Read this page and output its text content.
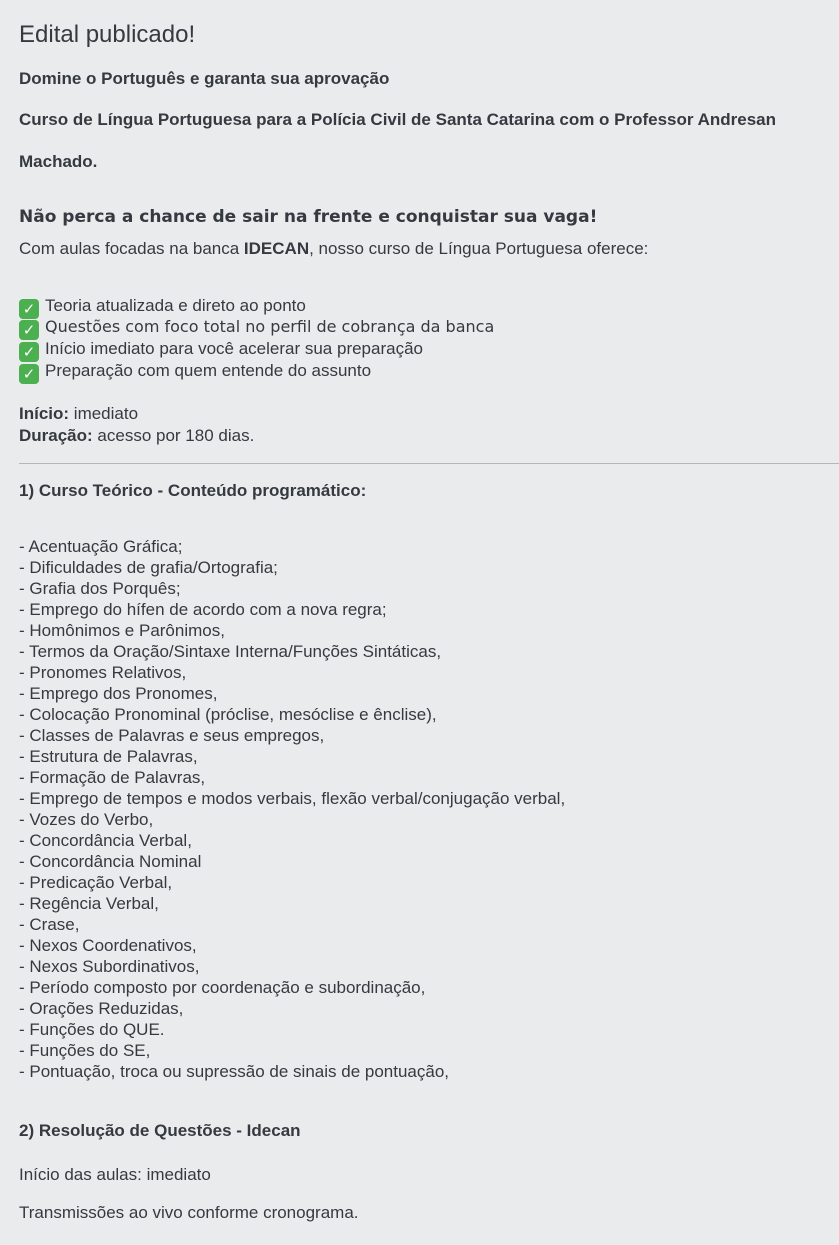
Edital publicado!
Domine o Português e garanta sua aprovação
Curso de Língua Portuguesa para a Polícia Civil de Santa Catarina com o Professor Andresan
Machado.
Não perca a chance de sair na frente e conquistar sua vaga!
Com aulas focadas na banca IDECAN, nosso curso de Língua Portuguesa oferece:
✓ Teoria atualizada e direto ao ponto
✓ Questões com foco total no perfil de cobrança da banca
✓ Início imediato para você acelerar sua preparação
✓ Preparação com quem entende do assunto
Início: imediato
Duração: acesso por 180 dias.
1) Curso Teórico - Conteúdo programático:
- Acentuação Gráfica;
- Dificuldades de grafia/Ortografia;
- Grafia dos Porquês;
- Emprego do hífen de acordo com a nova regra;
- Homônimos e Parônimos,
- Termos da Oração/Sintaxe Interna/Funções Sintáticas,
- Pronomes Relativos,
- Emprego dos Pronomes,
- Colocação Pronominal (próclise, mesóclise e ênclise),
- Classes de Palavras e seus empregos,
- Estrutura de Palavras,
- Formação de Palavras,
- Emprego de tempos e modos verbais, flexão verbal/conjugação verbal,
- Vozes do Verbo,
- Concordância Verbal,
- Concordância Nominal
- Predicação Verbal,
- Regência Verbal,
- Crase,
- Nexos Coordenativos,
- Nexos Subordinativos,
- Período composto por coordenação e subordinação,
- Orações Reduzidas,
- Funções do QUE.
- Funções do SE,
- Pontuação, troca ou supressão de sinais de pontuação,
2) Resolução de Questões - Idecan
Início das aulas: imediato
Transmissões ao vivo conforme cronograma.
